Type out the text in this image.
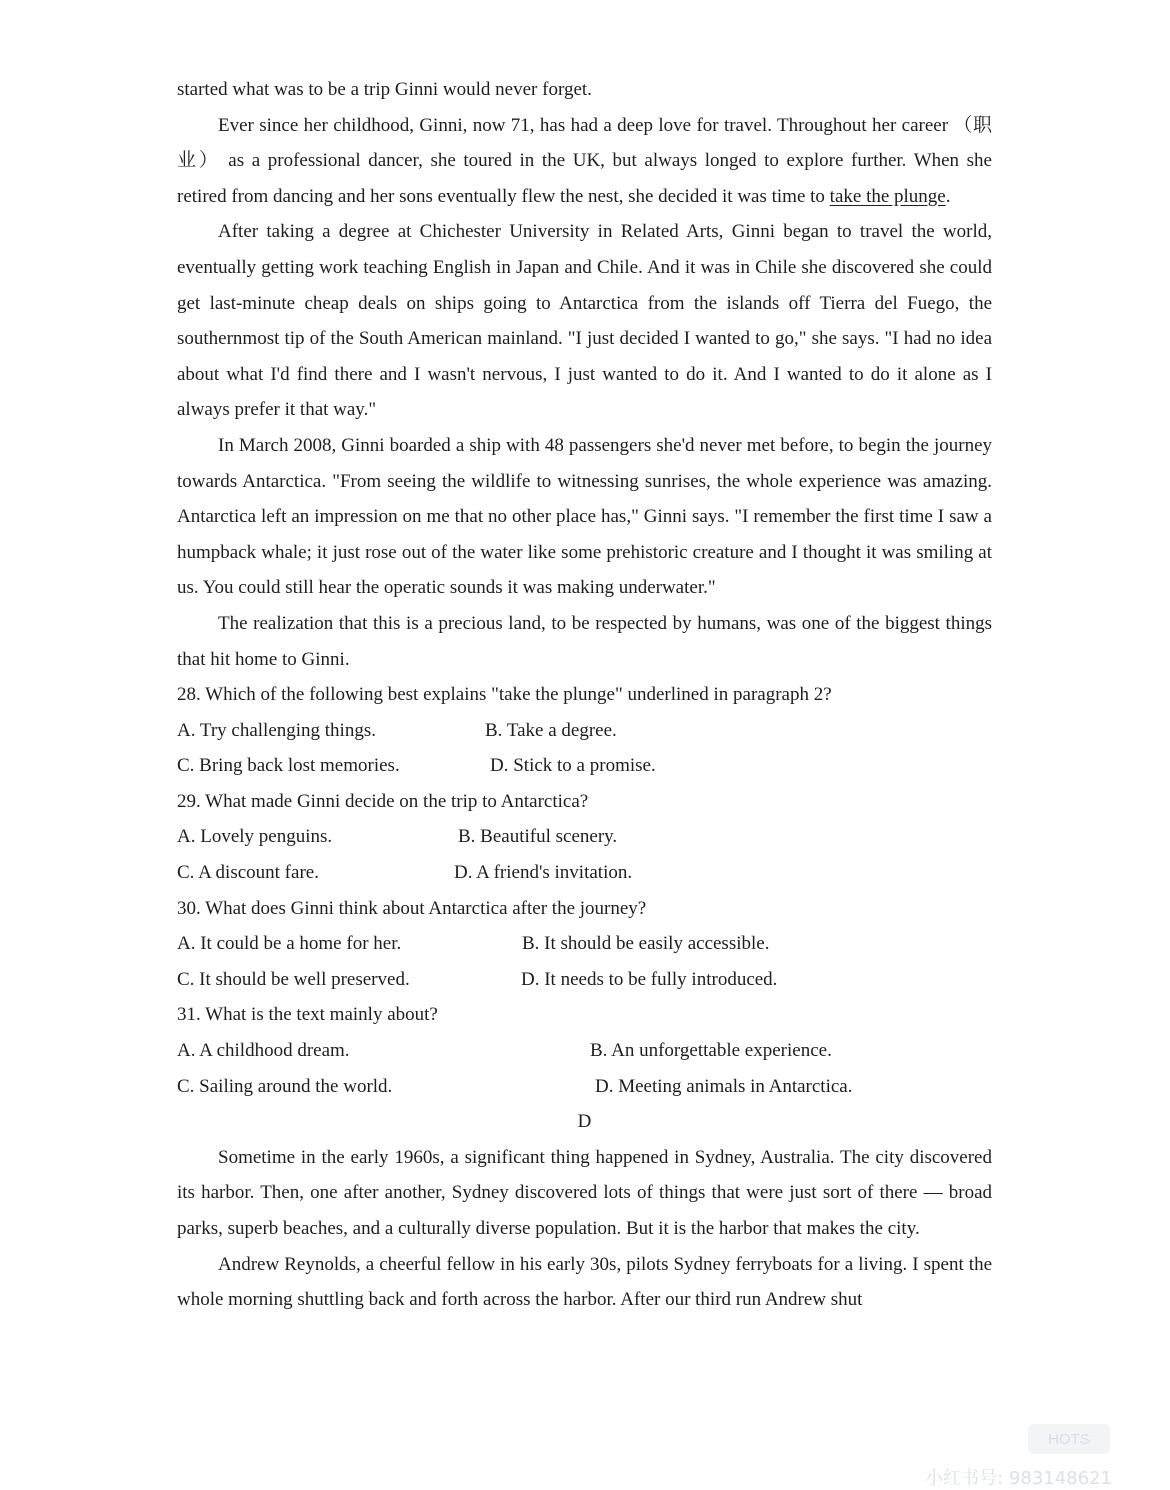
started what was to be a trip Ginni would never forget.

Ever since her childhood, Ginni, now 71, has had a deep love for travel. Throughout her career （职业） as a professional dancer, she toured in the UK, but always longed to explore further. When she retired from dancing and her sons eventually flew the nest, she decided it was time to take the plunge.

After taking a degree at Chichester University in Related Arts, Ginni began to travel the world, eventually getting work teaching English in Japan and Chile. And it was in Chile she discovered she could get last-minute cheap deals on ships going to Antarctica from the islands off Tierra del Fuego, the southernmost tip of the South American mainland. "I just decided I wanted to go," she says. "I had no idea about what I'd find there and I wasn't nervous, I just wanted to do it. And I wanted to do it alone as I always prefer it that way."

In March 2008, Ginni boarded a ship with 48 passengers she'd never met before, to begin the journey towards Antarctica. "From seeing the wildlife to witnessing sunrises, the whole experience was amazing. Antarctica left an impression on me that no other place has," Ginni says. "I remember the first time I saw a humpback whale; it just rose out of the water like some prehistoric creature and I thought it was smiling at us. You could still hear the operatic sounds it was making underwater."

The realization that this is a precious land, to be respected by humans, was one of the biggest things that hit home to Ginni.

28. Which of the following best explains "take the plunge" underlined in paragraph 2?

A. Try challenging things.	B. Take a degree.
C. Bring back lost memories.	D. Stick to a promise.

29. What made Ginni decide on the trip to Antarctica?

A. Lovely penguins.	B. Beautiful scenery.
C. A discount fare.	D. A friend's invitation.

30. What does Ginni think about Antarctica after the journey?

A. It could be a home for her.	B. It should be easily accessible.
C. It should be well preserved.	D. It needs to be fully introduced.

31. What is the text mainly about?

A. A childhood dream.	B. An unforgettable experience.
C. Sailing around the world.	D. Meeting animals in Antarctica.

D

Sometime in the early 1960s, a significant thing happened in Sydney, Australia. The city discovered its harbor. Then, one after another, Sydney discovered lots of things that were just sort of there — broad parks, superb beaches, and a culturally diverse population. But it is the harbor that makes the city.

Andrew Reynolds, a cheerful fellow in his early 30s, pilots Sydney ferryboats for a living. I spent the whole morning shuttling back and forth across the harbor. After our third run Andrew shut

HOTS
小红书号: 983148621
